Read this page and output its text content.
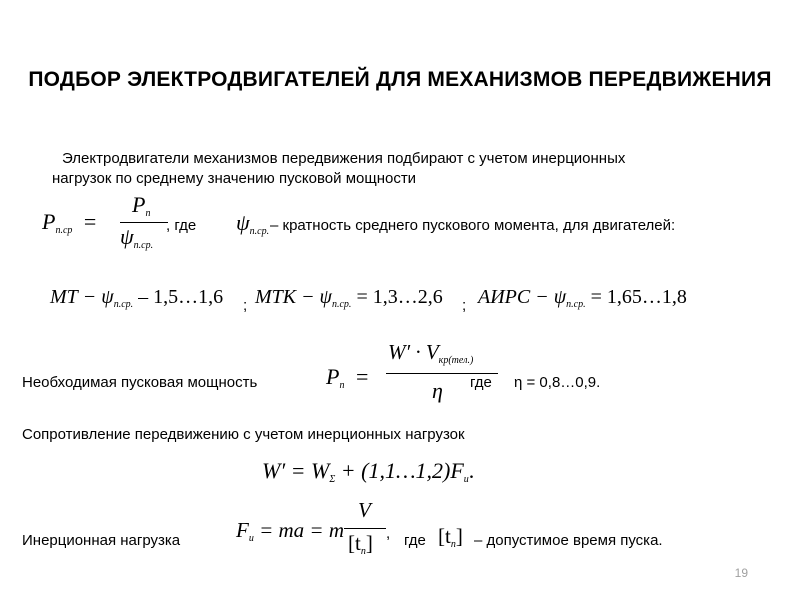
ПОДБОР ЭЛЕКТРОДВИГАТЕЛЕЙ ДЛЯ МЕХАНИЗМОВ ПЕРЕДВИЖЕНИЯ
Электродвигатели механизмов передвижения подбирают с учетом инерционных
нагрузок по среднему значению пусковой мощности
$P_{п.ср}$ =
$P_п$
$\psi_{п.ср.}$
, где $\psi_{п.ср.}$ – кратность среднего пускового момента, для двигателей:
МТ − $\psi_{п.ср.}$ – 1,5…1,6 ; МТК − $\psi_{п.ср.}$ = 1,3…2,6 ; АИРС − $\psi_{п.ср.}$ = 1,65…1,8
Необходимая пусковая мощность	$P_п$ =
$W' \cdot V_{кр(тел.)}$
η где η = 0,8…0,9.
Сопротивление передвижению с учетом инерционных нагрузок
$W' = W_\Sigma$ + $(1,1\dots 1,2)F_и$.
Инерционная нагрузка	$F_и$ = ma = m
V
$[t_п]$ , где $[t_п]$ – допустимое время пуска.
19
